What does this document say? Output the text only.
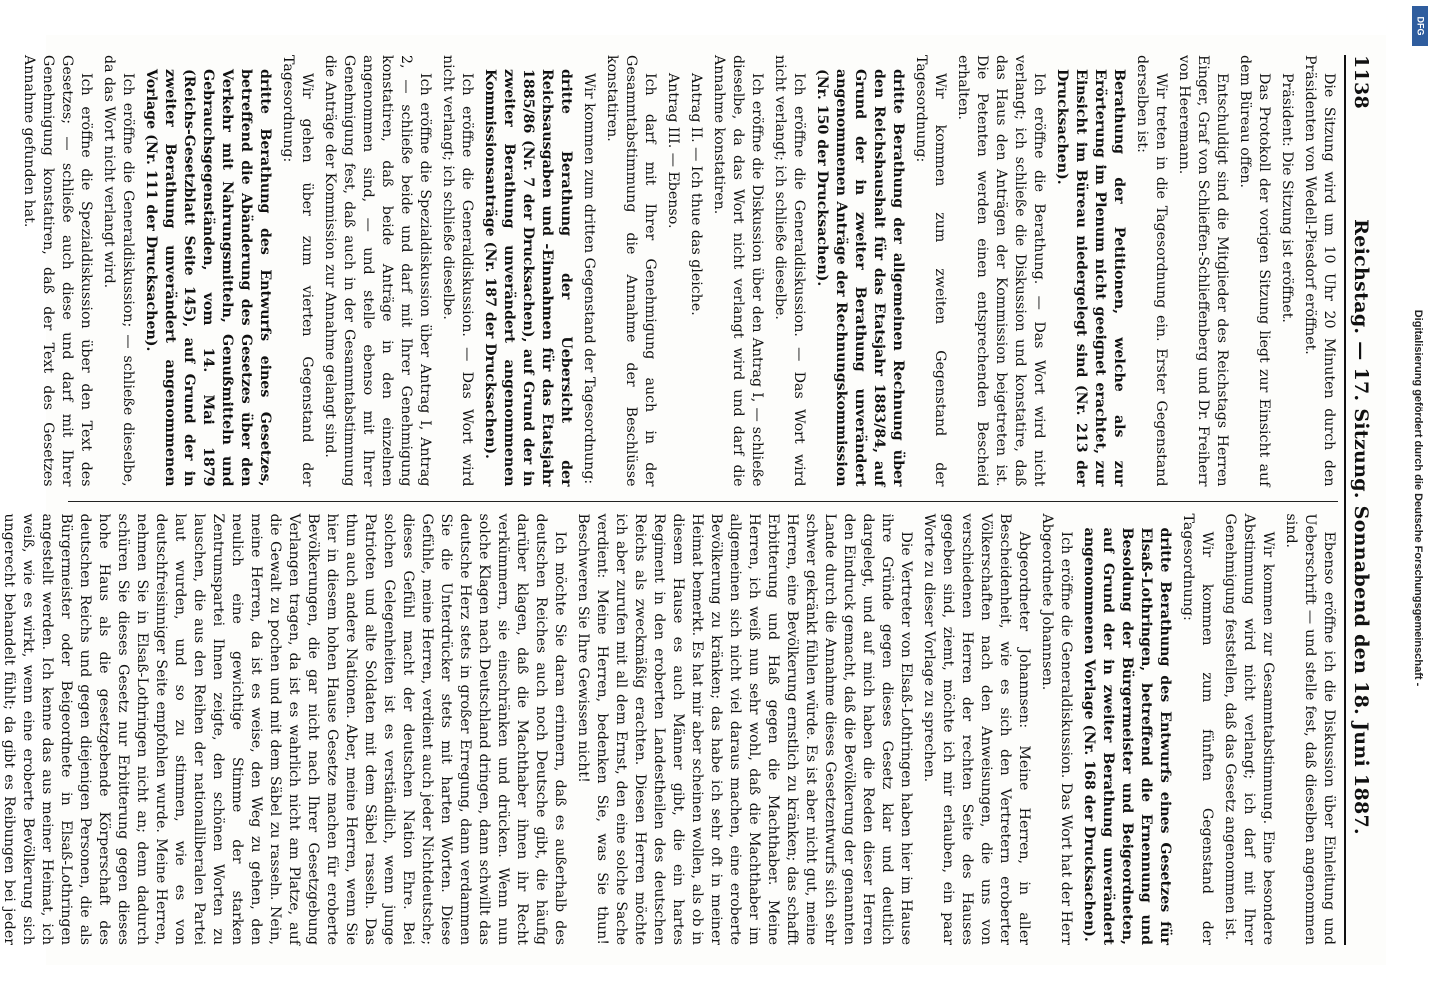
1138
Reichstag. — 17. Sitzung. Sonnabend den 18. Juni 1887.

Die Sitzung wird um 10 Uhr 20 Minuten durch den Präsidenten von Wedell-Piesdorf eröffnet.

Präsident: Die Sitzung ist eröffnet.

Das Protokoll der vorigen Sitzung liegt zur Einsicht auf dem Büreau offen.

Entschuldigt sind die Mitglieder des Reichstags Herren Einger, Graf von Schlieffen-Schlieffenberg und Dr. Freiherr von Heeremann.

Wir treten in die Tagesordnung ein. Erster Gegenstand derselben ist:

Berathung der Petitionen, welche als zur Erörterung im Plenum nicht geeignet erachtet, zur Einsicht im Büreau niedergelegt sind (Nr. 213 der Drucksachen).

Ich eröffne die Berathung. — Das Wort wird nicht verlangt; ich schließe die Diskussion und konstatire, daß das Haus den Anträgen der Kommission beigetreten ist. Die Petenten werden einen entsprechenden Bescheid erhalten.

Wir kommen zum zweiten Gegenstand der Tagesordnung:

dritte Berathung der allgemeinen Rechnung über den Reichshaushalt für das Etatsjahr 1883/84, auf Grund der in zweiter Berathung unverändert angenommenen Anträge der Rechnungskommission (Nr. 150 der Drucksachen).

Ich eröffne die Generaldiskussion. — Das Wort wird nicht verlangt; ich schließe dieselbe.

Ich eröffne die Diskussion über den Antrag I, — schließe dieselbe, da das Wort nicht verlangt wird und darf die Annahme konstatiren.

Antrag II. — Ich thue das gleiche.

Antrag III. — Ebenso.

Ich darf mit Ihrer Genehmigung auch in der Gesammtabstimmung die Annahme der Beschlüsse konstatiren.

Wir kommen zum dritten Gegenstand der Tagesordnung:

dritte Berathung der Uebersicht der Reichsausgaben und -Einnahmen für das Etatsjahr 1885/86 (Nr. 7 der Drucksachen), auf Grund der in zweiter Berathung unverändert angenommenen Kommissionsanträge (Nr. 187 der Drucksachen).

Ich eröffne die Generaldiskussion. — Das Wort wird nicht verlangt; ich schließe dieselbe.

Ich eröffne die Spezialdiskussion über Antrag I, Antrag 2, — schließe beide und darf mit Ihrer Genehmigung konstatiren, daß beide Anträge in den einzelnen angenommen sind, — und stelle ebenso mit Ihrer Genehmigung fest, daß auch in der Gesammtabstimmung die Anträge der Kommission zur Annahme gelangt sind.

Wir gehen über zum vierten Gegenstand der Tagesordnung:

dritte Berathung des Entwurfs eines Gesetzes, betreffend die Abänderung des Gesetzes über den Verkehr mit Nahrungsmitteln, Genußmitteln und Gebrauchsgegenständen, vom 14. Mai 1879 (Reichs-Gesetzblatt Seite 145), auf Grund der in zweiter Berathung unverändert angenommenen Vorlage (Nr. 111 der Drucksachen).

Ich eröffne die Generaldiskussion; — schließe dieselbe, da das Wort nicht verlangt wird.

Ich eröffne die Spezialdiskussion über den Text des Gesetzes; — schließe auch diese und darf mit Ihrer Genehmigung konstatiren, daß der Text des Gesetzes Annahme gefunden hat.

Ebenso eröffne ich die Diskussion über Einleitung und Ueberschrift — und stelle fest, daß dieselben angenommen sind.

Wir kommen zur Gesammtabstimmung. Eine besondere Abstimmung wird nicht verlangt; ich darf mit Ihrer Genehmigung feststellen, daß das Gesetz angenommen ist.

Wir kommen zum fünften Gegenstand der Tagesordnung:

dritte Berathung des Entwurfs eines Gesetzes für Elsaß-Lothringen, betreffend die Ernennung und Besoldung der Bürgermeister und Beigeordneten, auf Grund der in zweiter Berathung unverändert angenommenen Vorlage (Nr. 168 der Drucksachen).

Ich eröffne die Generaldiskussion. Das Wort hat der Herr Abgeordnete Johannsen.

Abgeordneter Johannsen: Meine Herren, in aller Bescheidenheit, wie es sich den Vertretern eroberter Völkerschaften nach den Anweisungen, die uns von verschiedenen Herren der rechten Seite des Hauses gegeben sind, ziemt, möchte ich mir erlauben, ein paar Worte zu dieser Vorlage zu sprechen.

Die Vertreter von Elsaß-Lothringen haben hier im Hause ihre Gründe gegen dieses Gesetz klar und deutlich dargelegt, und auf mich haben die Reden dieser Herren den Eindruck gemacht, daß die Bevölkerung der genannten Lande durch die Annahme dieses Gesetzentwurfs sich sehr schwer gekränkt fühlen würde. Es ist aber nicht gut, meine Herren, eine Bevölkerung ernstlich zu kränken; das schafft Erbitterung und Haß gegen die Machthaber. Meine Herren, ich weiß nun sehr wohl, daß die Machthaber im allgemeinen sich nicht viel daraus machen, eine eroberte Bevölkerung zu kränken; das habe ich sehr oft in meiner Heimat bemerkt. Es hat mir aber scheinen wollen, als ob in diesem Hause es auch Männer gibt, die ein hartes Regiment in den eroberten Landestheilen des deutschen Reichs als zweckmäßig erachten. Diesen Herren möchte ich aber zurufen mit all dem Ernst, den eine solche Sache verdient: Meine Herren, bedenken Sie, was Sie thun! Beschweren Sie Ihre Gewissen nicht!

Ich möchte Sie daran erinnern, daß es außerhalb des deutschen Reiches auch noch Deutsche gibt, die häufig darüber klagen, daß die Machthaber ihnen ihr Recht verkümmern, sie einschränken und drücken. Wenn nun solche Klagen nach Deutschland dringen, dann schwillt das deutsche Herz stets in großer Erregung, dann verdammen Sie die Unterdrücker stets mit harten Worten. Diese Gefühle, meine Herren, verdient auch jeder Nichtdeutsche; dieses Gefühl macht der deutschen Nation Ehre. Bei solchen Gelegenheiten ist es verständlich, wenn junge Patrioten und alte Soldaten mit dem Säbel rasseln. Das thun auch andere Nationen. Aber, meine Herren, wenn Sie hier in diesem hohen Hause Gesetze machen für eroberte Bevölkerungen, die gar nicht nach Ihrer Gesetzgebung Verlangen tragen, da ist es wahrlich nicht am Platze, auf die Gewalt zu pochen und mit dem Säbel zu rasseln. Nein, meine Herren, da ist es weise, den Weg zu gehen, den neulich eine gewichtige Stimme der starken Zentrumspartei Ihnen zeigte, den schönen Worten zu lauschen, die aus den Reihen der nationalliberalen Partei laut wurden, und so zu stimmen, wie es von deutschfreisinniger Seite empfohlen wurde. Meine Herren, nehmen Sie in Elsaß-Lothringen nicht an; denn dadurch schüren Sie dieses Gesetz nur Erbitterung gegen dieses hohe Haus als die gesetzgebende Körperschaft des deutschen Reichs und gegen diejenigen Personen, die als Bürgermeister oder Beigeordnete in Elsaß-Lothringen angestellt werden. Ich kenne das aus meiner Heimat, ich weiß, wie es wirkt, wenn eine eroberte Bevölkerung sich ungerecht behandelt fühlt; da gibt es Reibungen bei jeder

Digitalisierung gefördert durch die Deutsche Forschungsgemeinschaft -
DFG
